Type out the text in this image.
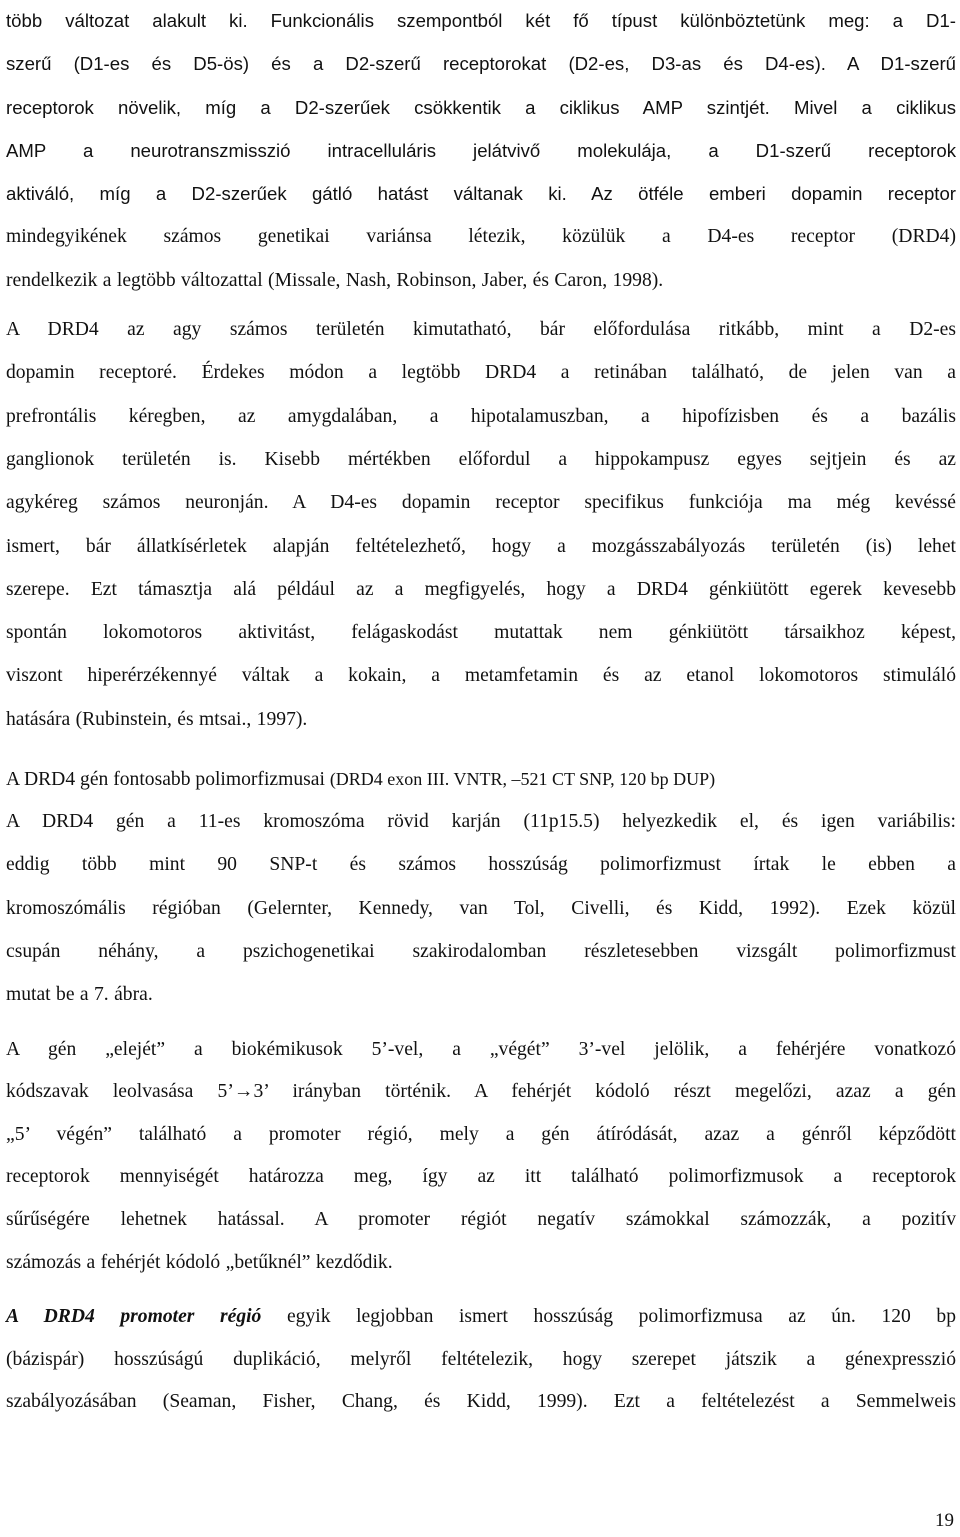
több változat alakult ki. Funkcionális szempontból két fő típust különböztetünk meg: a D1-
szerű (D1-es és D5-ös) és a D2-szerű receptorokat (D2-es, D3-as és D4-es). A D1-szerű
receptorok növelik, míg a D2-szerűek csökkentik a ciklikus AMP szintjét. Mivel a ciklikus
AMP a neurotranszmisszió intracelluláris jelátvivő molekulája, a D1-szerű receptorok
aktiváló, míg a D2-szerűek gátló hatást váltanak ki. Az ötféle emberi dopamin receptor
mindegyikének számos genetikai variánsa létezik, közülük a D4-es receptor (DRD4)
rendelkezik a legtöbb változattal (Missale, Nash, Robinson, Jaber, és Caron, 1998).

A DRD4 az agy számos területén kimutatható, bár előfordulása ritkább, mint a D2-es
dopamin receptoré. Érdekes módon a legtöbb DRD4 a retinában található, de jelen van a
prefrontális kéregben, az amygdalában, a hipotalamuszban, a hipofízisben és a bazális
ganglionok területén is. Kisebb mértékben előfordul a hippokampusz egyes sejtjein és az
agykéreg számos neuronján. A D4-es dopamin receptor specifikus funkciója ma még kevéssé
ismert, bár állatkísérletek alapján feltételezhető, hogy a mozgásszabályozás területén (is) lehet
szerepe. Ezt támasztja alá például az a megfigyelés, hogy a DRD4 génkiütött egerek kevesebb
spontán lokomotoros aktivitást, felágaskodást mutattak nem génkiütött társaikhoz képest,
viszont hiperérzékennyé váltak a kokain, a metamfetamin és az etanol lokomotoros stimuláló
hatására (Rubinstein, és mtsai., 1997).

A DRD4 gén fontosabb polimorfizmusai (DRD4 exon III. VNTR, –521 CT SNP, 120 bp DUP)

A DRD4 gén a 11-es kromoszóma rövid karján (11p15.5) helyezkedik el, és igen variábilis:
eddig több mint 90 SNP-t és számos hosszúság polimorfizmust írtak le ebben a
kromoszómális régióban (Gelernter, Kennedy, van Tol, Civelli, és Kidd, 1992). Ezek közül
csupán néhány, a pszichogenetikai szakirodalomban részletesebben vizsgált polimorfizmust
mutat be a 7. ábra.

A gén „elejét” a biokémikusok 5’-vel, a „végét” 3’-vel jelölik, a fehérjére vonatkozó
kódszavak leolvasása 5’→3’ irányban történik. A fehérjét kódoló részt megelőzi, azaz a gén
„5’ végén” található a promoter régió, mely a gén átíródását, azaz a génről képződött
receptorok mennyiségét határozza meg, így az itt található polimorfizmusok a receptorok
sűrűségére lehetnek hatással. A promoter régiót negatív számokkal számozzák, a pozitív
számozás a fehérjét kódoló „betűknél” kezdődik.

A DRD4 promoter régió egyik legjobban ismert hosszúság polimorfizmusa az ún. 120 bp
(bázispár) hosszúságú duplikáció, melyről feltételezik, hogy szerepet játszik a génexpresszió
szabályozásában (Seaman, Fisher, Chang, és Kidd, 1999). Ezt a feltételezést a Semmelweis

19
